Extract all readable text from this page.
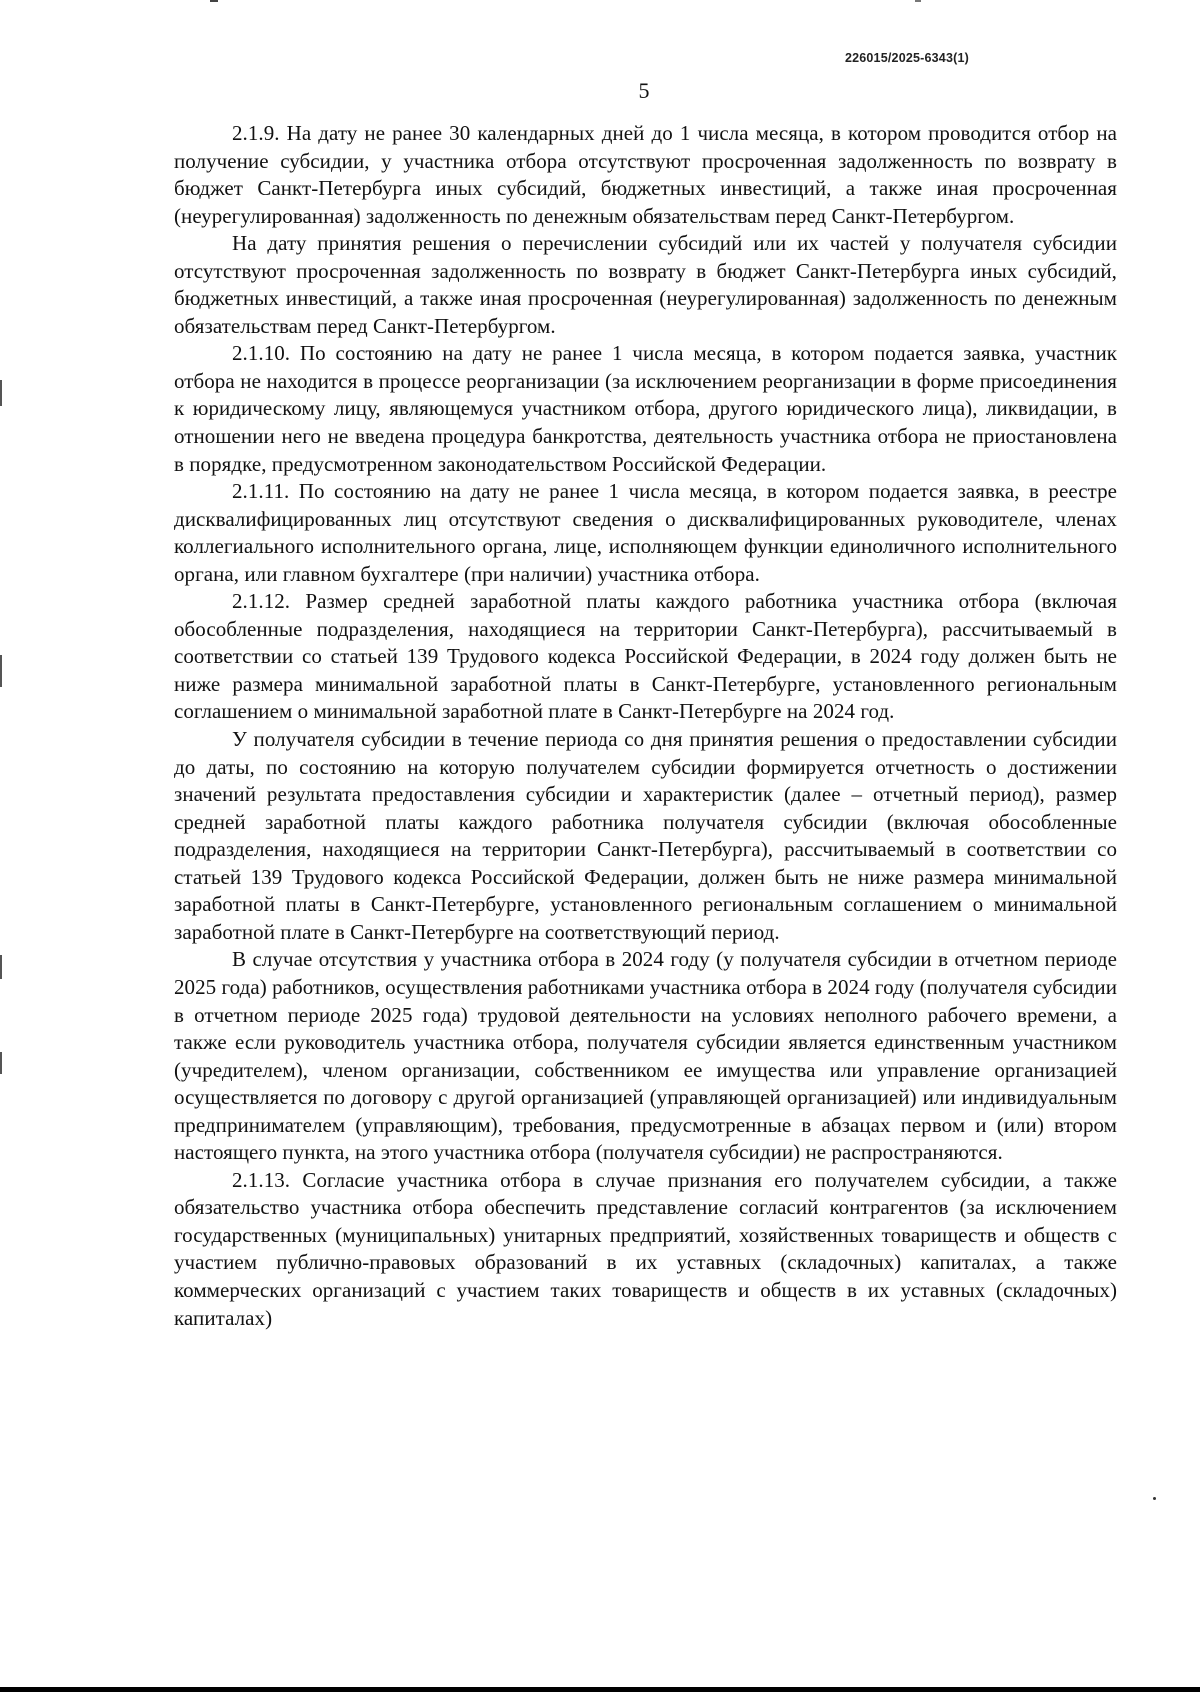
226015/2025-6343(1)
5

2.1.9. На дату не ранее 30 календарных дней до 1 числа месяца, в котором проводится отбор на получение субсидии, у участника отбора отсутствуют просроченная задолженность по возврату в бюджет Санкт-Петербурга иных субсидий, бюджетных инвестиций, а также иная просроченная (неурегулированная) задолженность по денежным обязательствам перед Санкт-Петербургом.

На дату принятия решения о перечислении субсидий или их частей у получателя субсидии отсутствуют просроченная задолженность по возврату в бюджет Санкт-Петербурга иных субсидий, бюджетных инвестиций, а также иная просроченная (неурегулированная) задолженность по денежным обязательствам перед Санкт-Петербургом.

2.1.10. По состоянию на дату не ранее 1 числа месяца, в котором подается заявка, участник отбора не находится в процессе реорганизации (за исключением реорганизации в форме присоединения к юридическому лицу, являющемуся участником отбора, другого юридического лица), ликвидации, в отношении него не введена процедура банкротства, деятельность участника отбора не приостановлена в порядке, предусмотренном законодательством Российской Федерации.

2.1.11. По состоянию на дату не ранее 1 числа месяца, в котором подается заявка, в реестре дисквалифицированных лиц отсутствуют сведения о дисквалифицированных руководителе, членах коллегиального исполнительного органа, лице, исполняющем функции единоличного исполнительного органа, или главном бухгалтере (при наличии) участника отбора.

2.1.12. Размер средней заработной платы каждого работника участника отбора (включая обособленные подразделения, находящиеся на территории Санкт-Петербурга), рассчитываемый в соответствии со статьей 139 Трудового кодекса Российской Федерации, в 2024 году должен быть не ниже размера минимальной заработной платы в Санкт-Петербурге, установленного региональным соглашением о минимальной заработной плате в Санкт-Петербурге на 2024 год.

У получателя субсидии в течение периода со дня принятия решения о предоставлении субсидии до даты, по состоянию на которую получателем субсидии формируется отчетность о достижении значений результата предоставления субсидии и характеристик (далее – отчетный период), размер средней заработной платы каждого работника получателя субсидии (включая обособленные подразделения, находящиеся на территории Санкт-Петербурга), рассчитываемый в соответствии со статьей 139 Трудового кодекса Российской Федерации, должен быть не ниже размера минимальной заработной платы в Санкт-Петербурге, установленного региональным соглашением о минимальной заработной плате в Санкт-Петербурге на соответствующий период.

В случае отсутствия у участника отбора в 2024 году (у получателя субсидии в отчетном периоде 2025 года) работников, осуществления работниками участника отбора в 2024 году (получателя субсидии в отчетном периоде 2025 года) трудовой деятельности на условиях неполного рабочего времени, а также если руководитель участника отбора, получателя субсидии является единственным участником (учредителем), членом организации, собственником ее имущества или управление организацией осуществляется по договору с другой организацией (управляющей организацией) или индивидуальным предпринимателем (управляющим), требования, предусмотренные в абзацах первом и (или) втором настоящего пункта, на этого участника отбора (получателя субсидии) не распространяются.

2.1.13. Согласие участника отбора в случае признания его получателем субсидии, а также обязательство участника отбора обеспечить представление согласий контрагентов (за исключением государственных (муниципальных) унитарных предприятий, хозяйственных товариществ и обществ с участием публично-правовых образований в их уставных (складочных) капиталах, а также коммерческих организаций с участием таких товариществ и обществ в их уставных (складочных) капиталах)
